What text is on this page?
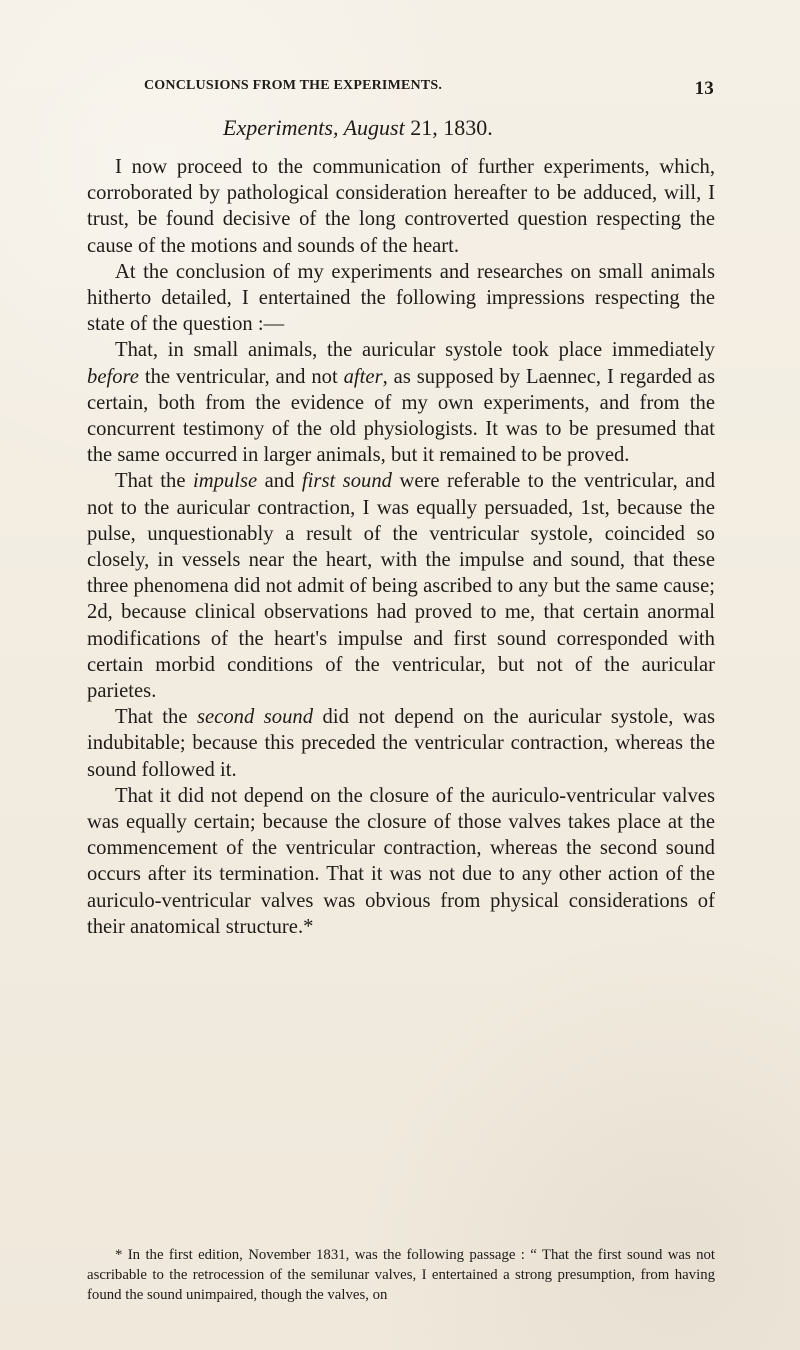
CONCLUSIONS FROM THE EXPERIMENTS.	13
Experiments, August 21, 1830.

I now proceed to the communication of further experiments, which, corroborated by pathological consideration hereafter to be adduced, will, I trust, be found decisive of the long controverted question respecting the cause of the motions and sounds of the heart.

At the conclusion of my experiments and researches on small animals hitherto detailed, I entertained the following impressions respecting the state of the question :—

That, in small animals, the auricular systole took place immediately before the ventricular, and not after, as supposed by Laennec, I regarded as certain, both from the evidence of my own experiments, and from the concurrent testimony of the old physiologists. It was to be presumed that the same occurred in larger animals, but it remained to be proved.

That the impulse and first sound were referable to the ventricular, and not to the auricular contraction, I was equally persuaded, 1st, because the pulse, unquestionably a result of the ventricular systole, coincided so closely, in vessels near the heart, with the impulse and sound, that these three phenomena did not admit of being ascribed to any but the same cause; 2d, because clinical observations had proved to me, that certain anormal modifications of the heart's impulse and first sound corresponded with certain morbid conditions of the ventricular, but not of the auricular parietes.

That the second sound did not depend on the auricular systole, was indubitable; because this preceded the ventricular contraction, whereas the sound followed it.

That it did not depend on the closure of the auriculo-ventricular valves was equally certain; because the closure of those valves takes place at the commencement of the ventricular contraction, whereas the second sound occurs after its termination. That it was not due to any other action of the auriculo-ventricular valves was obvious from physical considerations of their anatomical structure.*

* In the first edition, November 1831, was the following passage : “ That the first sound was not ascribable to the retrocession of the semilunar valves, I entertained a strong presumption, from having found the sound unimpaired, though the valves, on
